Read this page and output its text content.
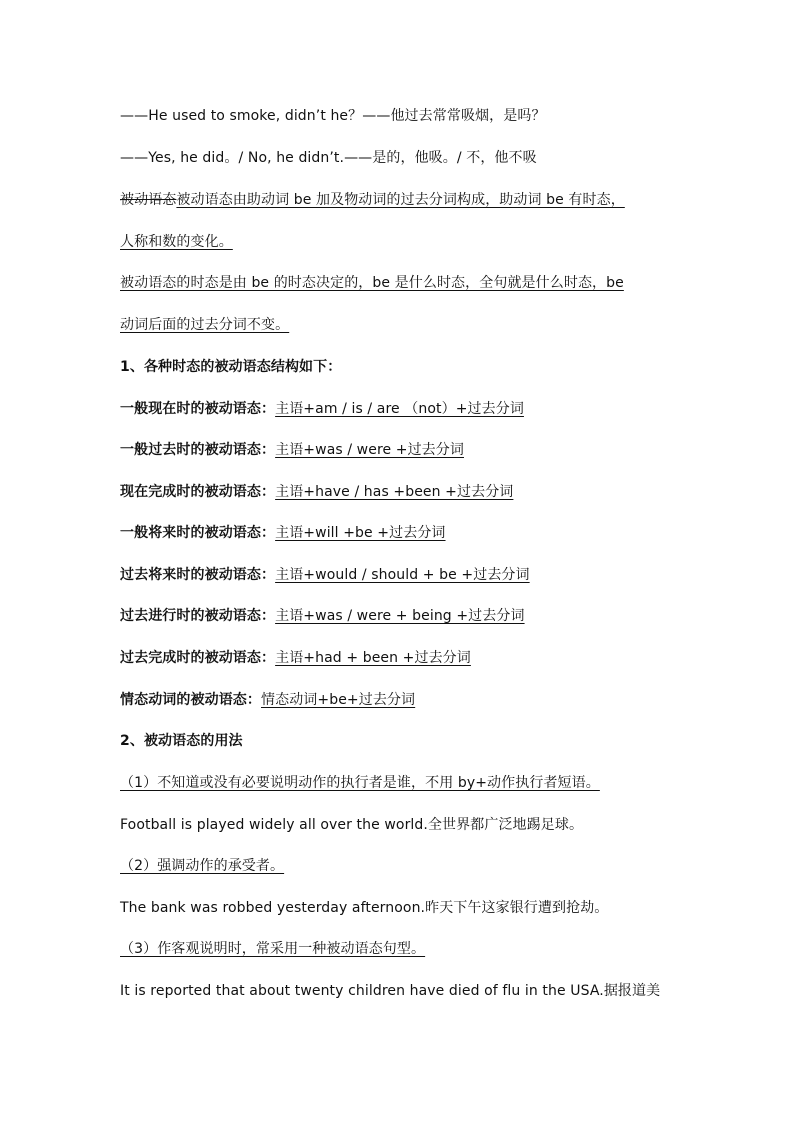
——He used to smoke, didn’t he？——他过去常常吸烟，是吗？
——Yes, he did。/ No, he didn’t.——是的，他吸。/ 不，他不吸
被动语态被动语态由助动词 be 加及物动词的过去分词构成，助动词 be 有时态，
人称和数的变化。
被动语态的时态是由 be 的时态决定的，be 是什么时态，全句就是什么时态，be
动词后面的过去分词不变。
1、各种时态的被动语态结构如下：
一般现在时的被动语态：主语+am / is / are （not）+过去分词
一般过去时的被动语态：主语+was / were +过去分词
现在完成时的被动语态：主语+have / has +been +过去分词
一般将来时的被动语态：主语+will +be +过去分词
过去将来时的被动语态：主语+would / should + be +过去分词
过去进行时的被动语态：主语+was / were + being +过去分词
过去完成时的被动语态：主语+had + been +过去分词
情态动词的被动语态：情态动词+be+过去分词
2、被动语态的用法
（1）不知道或没有必要说明动作的执行者是谁，不用 by+动作执行者短语。
Football is played widely all over the world.全世界都广泛地踢足球。
（2）强调动作的承受者。
The bank was robbed yesterday afternoon.昨天下午这家银行遭到抢劫。
（3）作客观说明时，常采用一种被动语态句型。
It is reported that about twenty children have died of flu in the USA.据报道美
